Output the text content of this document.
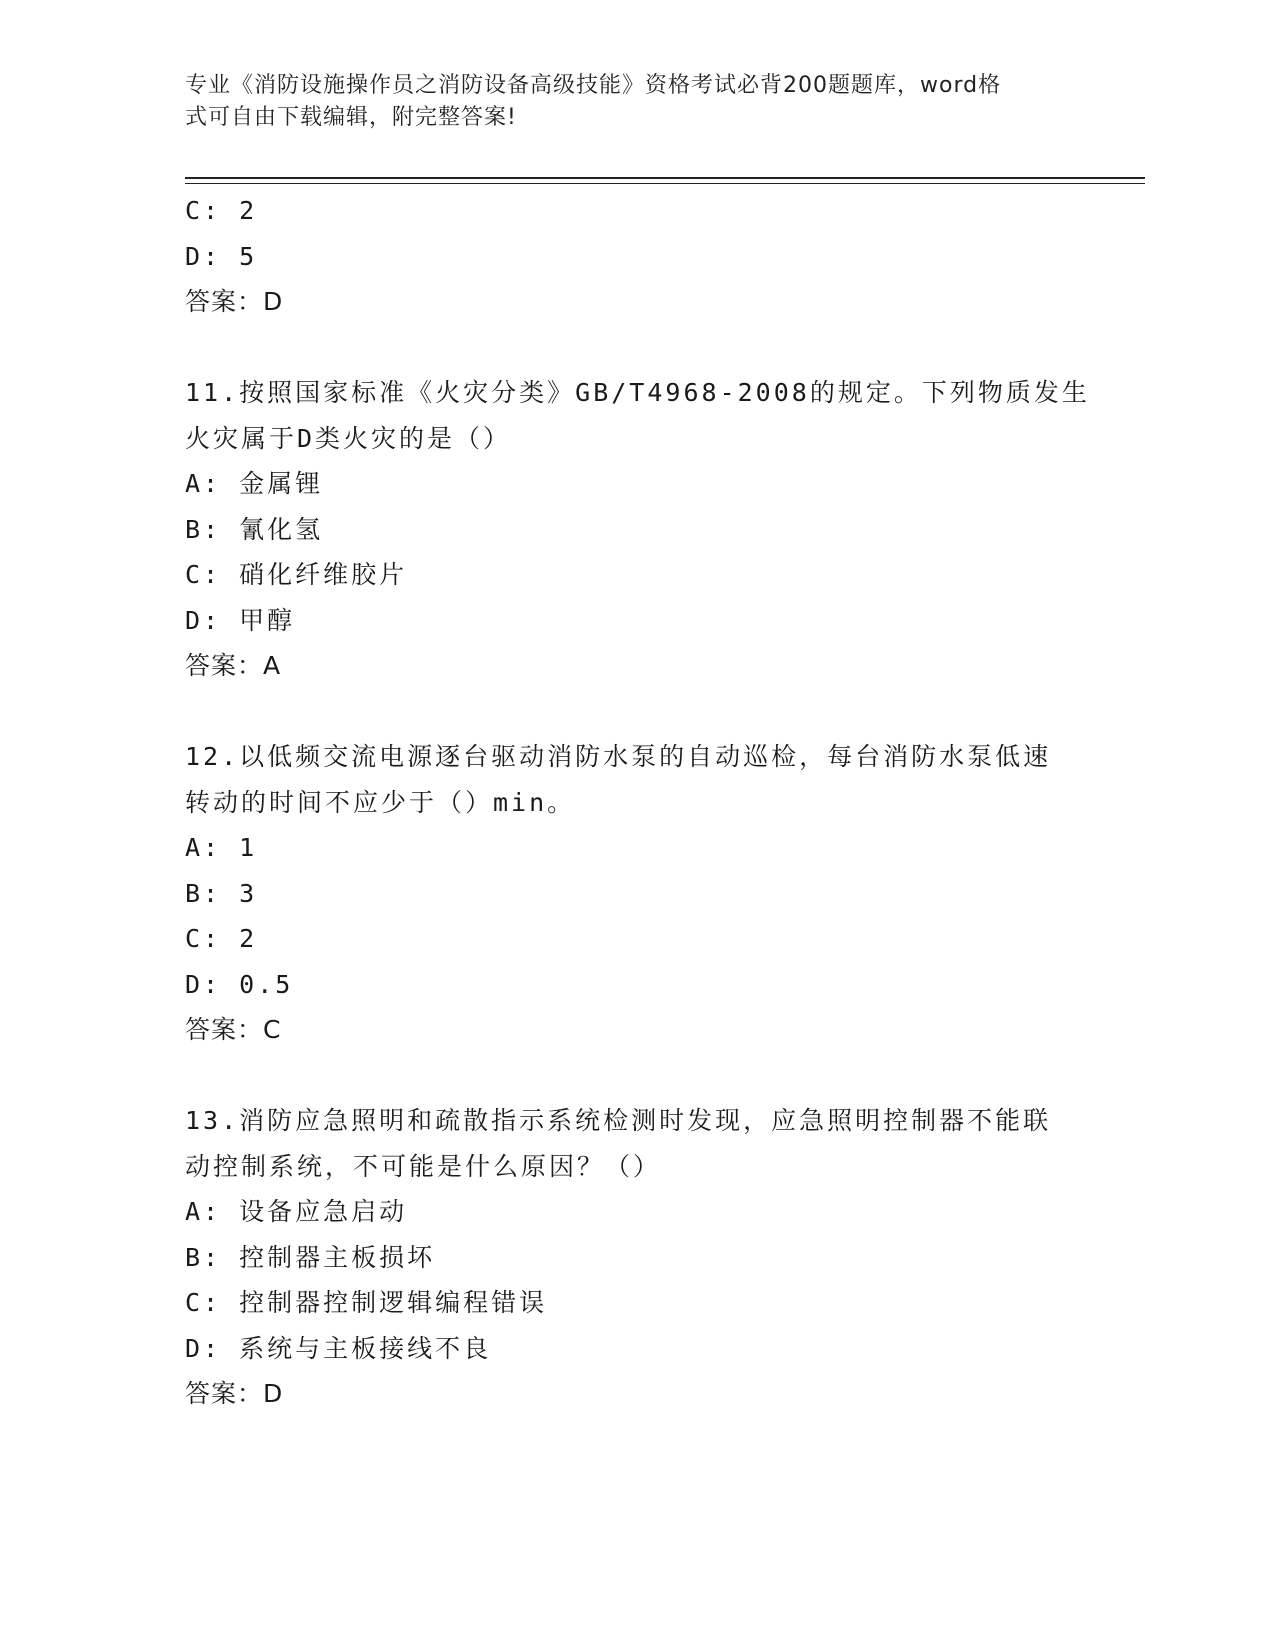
专业《消防设施操作员之消防设备高级技能》资格考试必背200题题库，word格
式可自由下载编辑，附完整答案!
C: 2
D: 5
答案：D
11.按照国家标准《火灾分类》GB/T4968-2008的规定。下列物质发生
火灾属于D类火灾的是（）
A: 金属锂
B: 氰化氢
C: 硝化纤维胶片
D: 甲醇
答案：A
12.以低频交流电源逐台驱动消防水泵的自动巡检，每台消防水泵低速
转动的时间不应少于（）min。
A: 1
B: 3
C: 2
D: 0.5
答案：C
13.消防应急照明和疏散指示系统检测时发现，应急照明控制器不能联
动控制系统，不可能是什么原因？（）
A: 设备应急启动
B: 控制器主板损坏
C: 控制器控制逻辑编程错误
D: 系统与主板接线不良
答案：D
